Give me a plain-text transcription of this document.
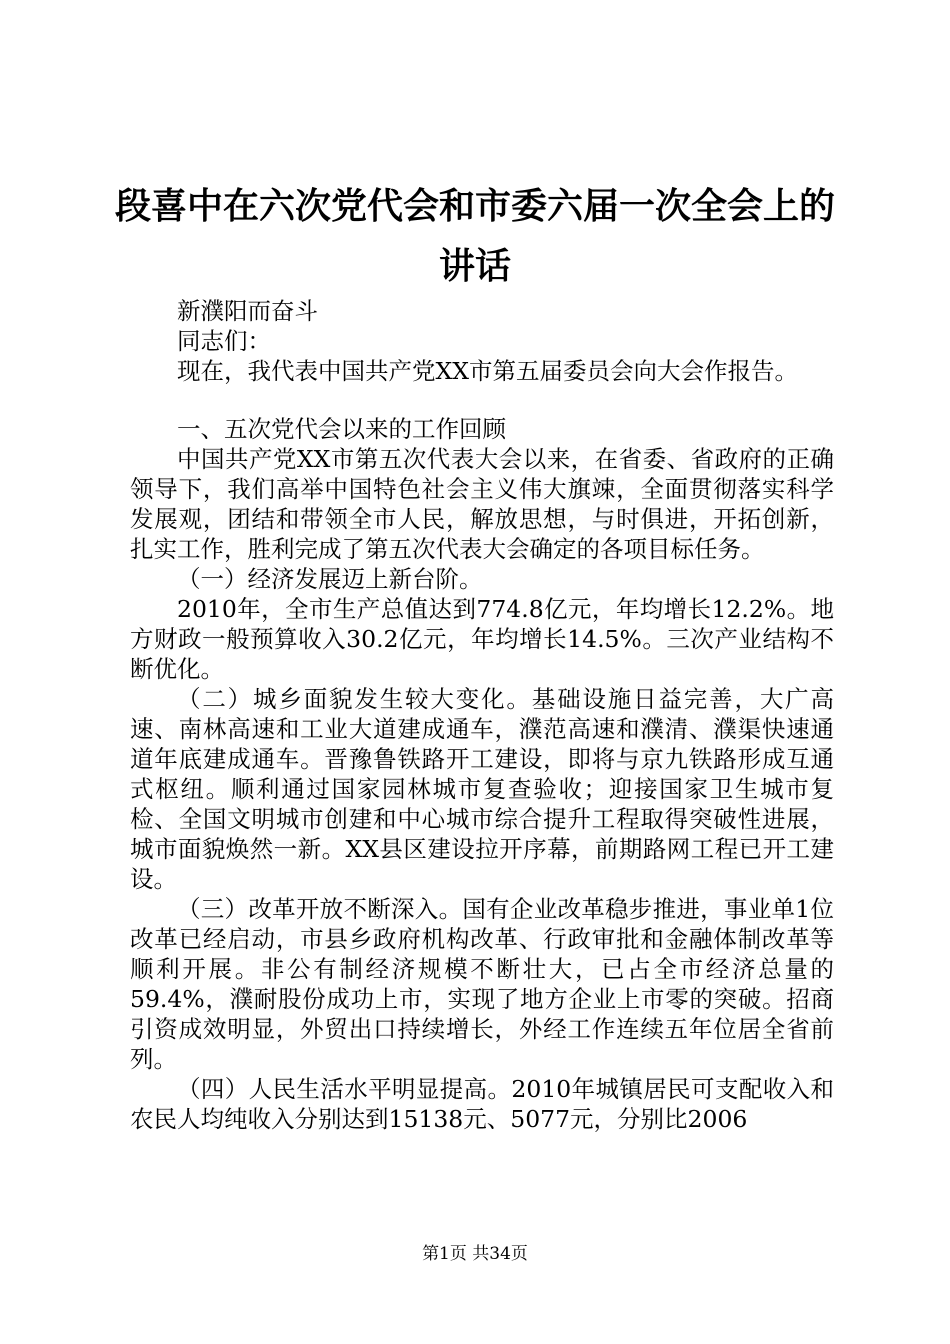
段喜中在六次党代会和市委六届一次全会上的
讲话

新濮阳而奋斗

同志们：

现在，我代表中国共产党XX市第五届委员会向大会作报告。

一、五次党代会以来的工作回顾

中国共产党XX市第五次代表大会以来，在省委、省政府的正确领导下，我们高举中国特色社会主义伟大旗竦，全面贯彻落实科学发展观，团结和带领全市人民，解放思想，与时俱进，开拓创新，扎实工作，胜利完成了第五次代表大会确定的各项目标任务。

（一）经济发展迈上新台阶。

2010年，全市生产总值达到774.8亿元，年均增长12.2%。地方财政一般预算收入30.2亿元，年均增长14.5%。三次产业结构不断优化。

（二）城乡面貌发生较大变化。基础设施日益完善，大广高速、南林高速和工业大道建成通车，濮范高速和濮清、濮渠快速通道年底建成通车。晋豫鲁铁路开工建设，即将与京九铁路形成互通式枢纽。顺利通过国家园林城市复查验收；迎接国家卫生城市复检、全国文明城市创建和中心城市综合提升工程取得突破性进展，城市面貌焕然一新。XX县区建设拉开序幕，前期路网工程已开工建设。

（三）改革开放不断深入。国有企业改革稳步推进，事业单1位改革已经启动，市县乡政府机构改革、行政审批和金融体制改革等顺利开展。非公有制经济规模不断壮大，已占全市经济总量的59.4%，濮耐股份成功上市，实现了地方企业上市零的突破。招商引资成效明显，外贸出口持续增长，外经工作连续五年位居全省前列。

（四）人民生活水平明显提高。2010年城镇居民可支配收入和农民人均纯收入分别达到15138元、5077元，分别比2006

第1页 共34页
